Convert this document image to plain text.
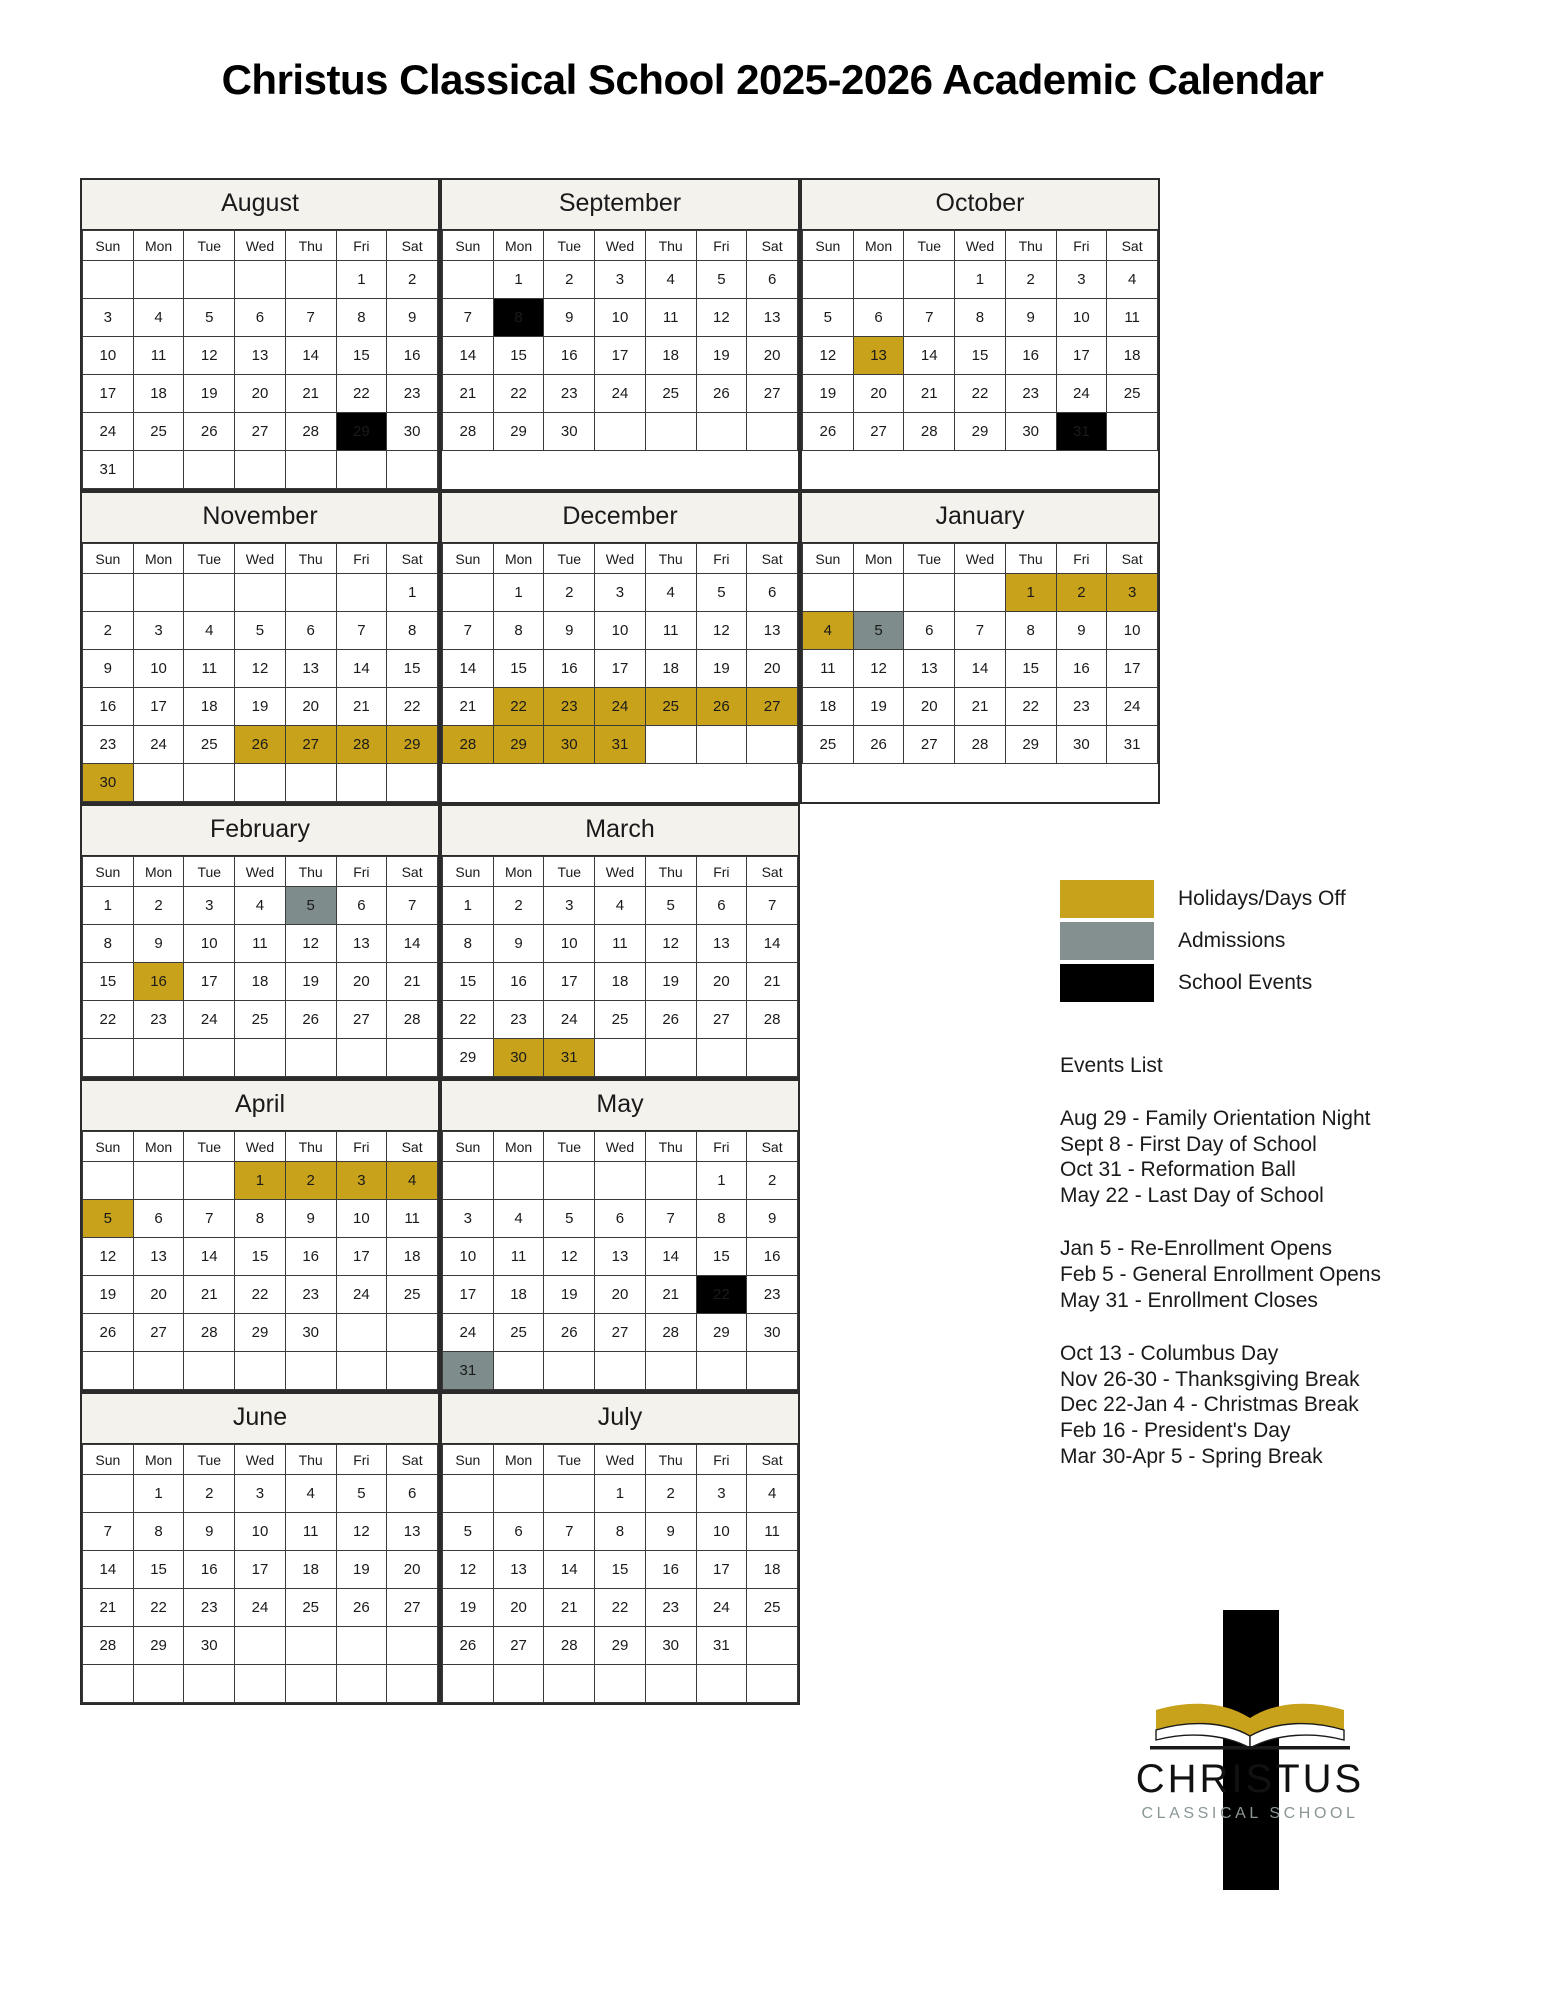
Christus Classical School 2025-2026 Academic Calendar
August
Sun	Mon	Tue	Wed	Thu	Fri	Sat
					1	2
3	4	5	6	7	8	9
10	11	12	13	14	15	16
17	18	19	20	21	22	23
24	25	26	27	28	29	30
31						
September
Sun	Mon	Tue	Wed	Thu	Fri	Sat
	1	2	3	4	5	6
7	8	9	10	11	12	13
14	15	16	17	18	19	20
21	22	23	24	25	26	27
28	29	30				
October
Sun	Mon	Tue	Wed	Thu	Fri	Sat
			1	2	3	4
5	6	7	8	9	10	11
12	13	14	15	16	17	18
19	20	21	22	23	24	25
26	27	28	29	30	31	
November
Sun	Mon	Tue	Wed	Thu	Fri	Sat
						1
2	3	4	5	6	7	8
9	10	11	12	13	14	15
16	17	18	19	20	21	22
23	24	25	26	27	28	29
30						
December
Sun	Mon	Tue	Wed	Thu	Fri	Sat
	1	2	3	4	5	6
7	8	9	10	11	12	13
14	15	16	17	18	19	20
21	22	23	24	25	26	27
28	29	30	31			
January
Sun	Mon	Tue	Wed	Thu	Fri	Sat
				1	2	3
4	5	6	7	8	9	10
11	12	13	14	15	16	17
18	19	20	21	22	23	24
25	26	27	28	29	30	31
February
Sun	Mon	Tue	Wed	Thu	Fri	Sat
1	2	3	4	5	6	7
8	9	10	11	12	13	14
15	16	17	18	19	20	21
22	23	24	25	26	27	28

March
Sun	Mon	Tue	Wed	Thu	Fri	Sat
1	2	3	4	5	6	7
8	9	10	11	12	13	14
15	16	17	18	19	20	21
22	23	24	25	26	27	28
29	30	31				
April
Sun	Mon	Tue	Wed	Thu	Fri	Sat
			1	2	3	4
5	6	7	8	9	10	11
12	13	14	15	16	17	18
19	20	21	22	23	24	25
26	27	28	29	30		

May
Sun	Mon	Tue	Wed	Thu	Fri	Sat
					1	2
3	4	5	6	7	8	9
10	11	12	13	14	15	16
17	18	19	20	21	22	23
24	25	26	27	28	29	30
31						
June
Sun	Mon	Tue	Wed	Thu	Fri	Sat
	1	2	3	4	5	6
7	8	9	10	11	12	13
14	15	16	17	18	19	20
21	22	23	24	25	26	27
28	29	30				

July
Sun	Mon	Tue	Wed	Thu	Fri	Sat
			1	2	3	4
5	6	7	8	9	10	11
12	13	14	15	16	17	18
19	20	21	22	23	24	25
26	27	28	29	30	31	

Holidays/Days Off
Admissions
School Events
Events List
Aug 29 - Family Orientation Night
Sept 8 - First Day of School
Oct 31 - Reformation Ball
May 22 - Last Day of School
Jan 5 - Re-Enrollment Opens
Feb 5 - General Enrollment Opens
May 31 - Enrollment Closes
Oct 13 - Columbus Day
Nov 26-30 - Thanksgiving Break
Dec 22-Jan 4 - Christmas Break
Feb 16 - President's Day
Mar 30-Apr 5 - Spring Break
CHRISTUS
CLASSICAL SCHOOL
